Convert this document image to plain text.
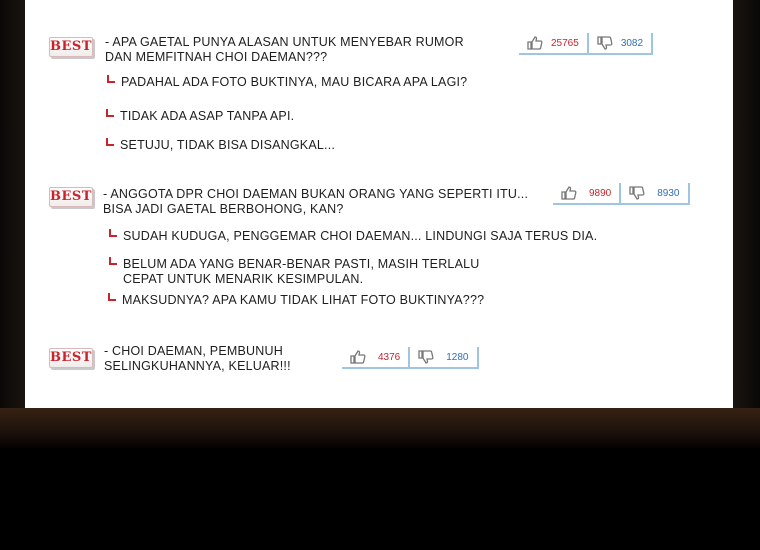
BEST - APA GAETAL PUNYA ALASAN UNTUK MENYEBAR RUMOR
DAN MEMFITNAH CHOI DAEMAN???
25765	3082
PADAHAL ADA FOTO BUKTINYA, MAU BICARA APA LAGI?
TIDAK ADA ASAP TANPA API.
SETUJU, TIDAK BISA DISANGKAL...
BEST - ANGGOTA DPR CHOI DAEMAN BUKAN ORANG YANG SEPERTI ITU...
BISA JADI GAETAL BERBOHONG, KAN?
9890	8930
SUDAH KUDUGA, PENGGEMAR CHOI DAEMAN... LINDUNGI SAJA TERUS DIA.
BELUM ADA YANG BENAR-BENAR PASTI, MASIH TERLALU
CEPAT UNTUK MENARIK KESIMPULAN.
MAKSUDNYA? APA KAMU TIDAK LIHAT FOTO BUKTINYA???
BEST - CHOI DAEMAN, PEMBUNUH
SELINGKUHANNYA, KELUAR!!!
4376	1280
